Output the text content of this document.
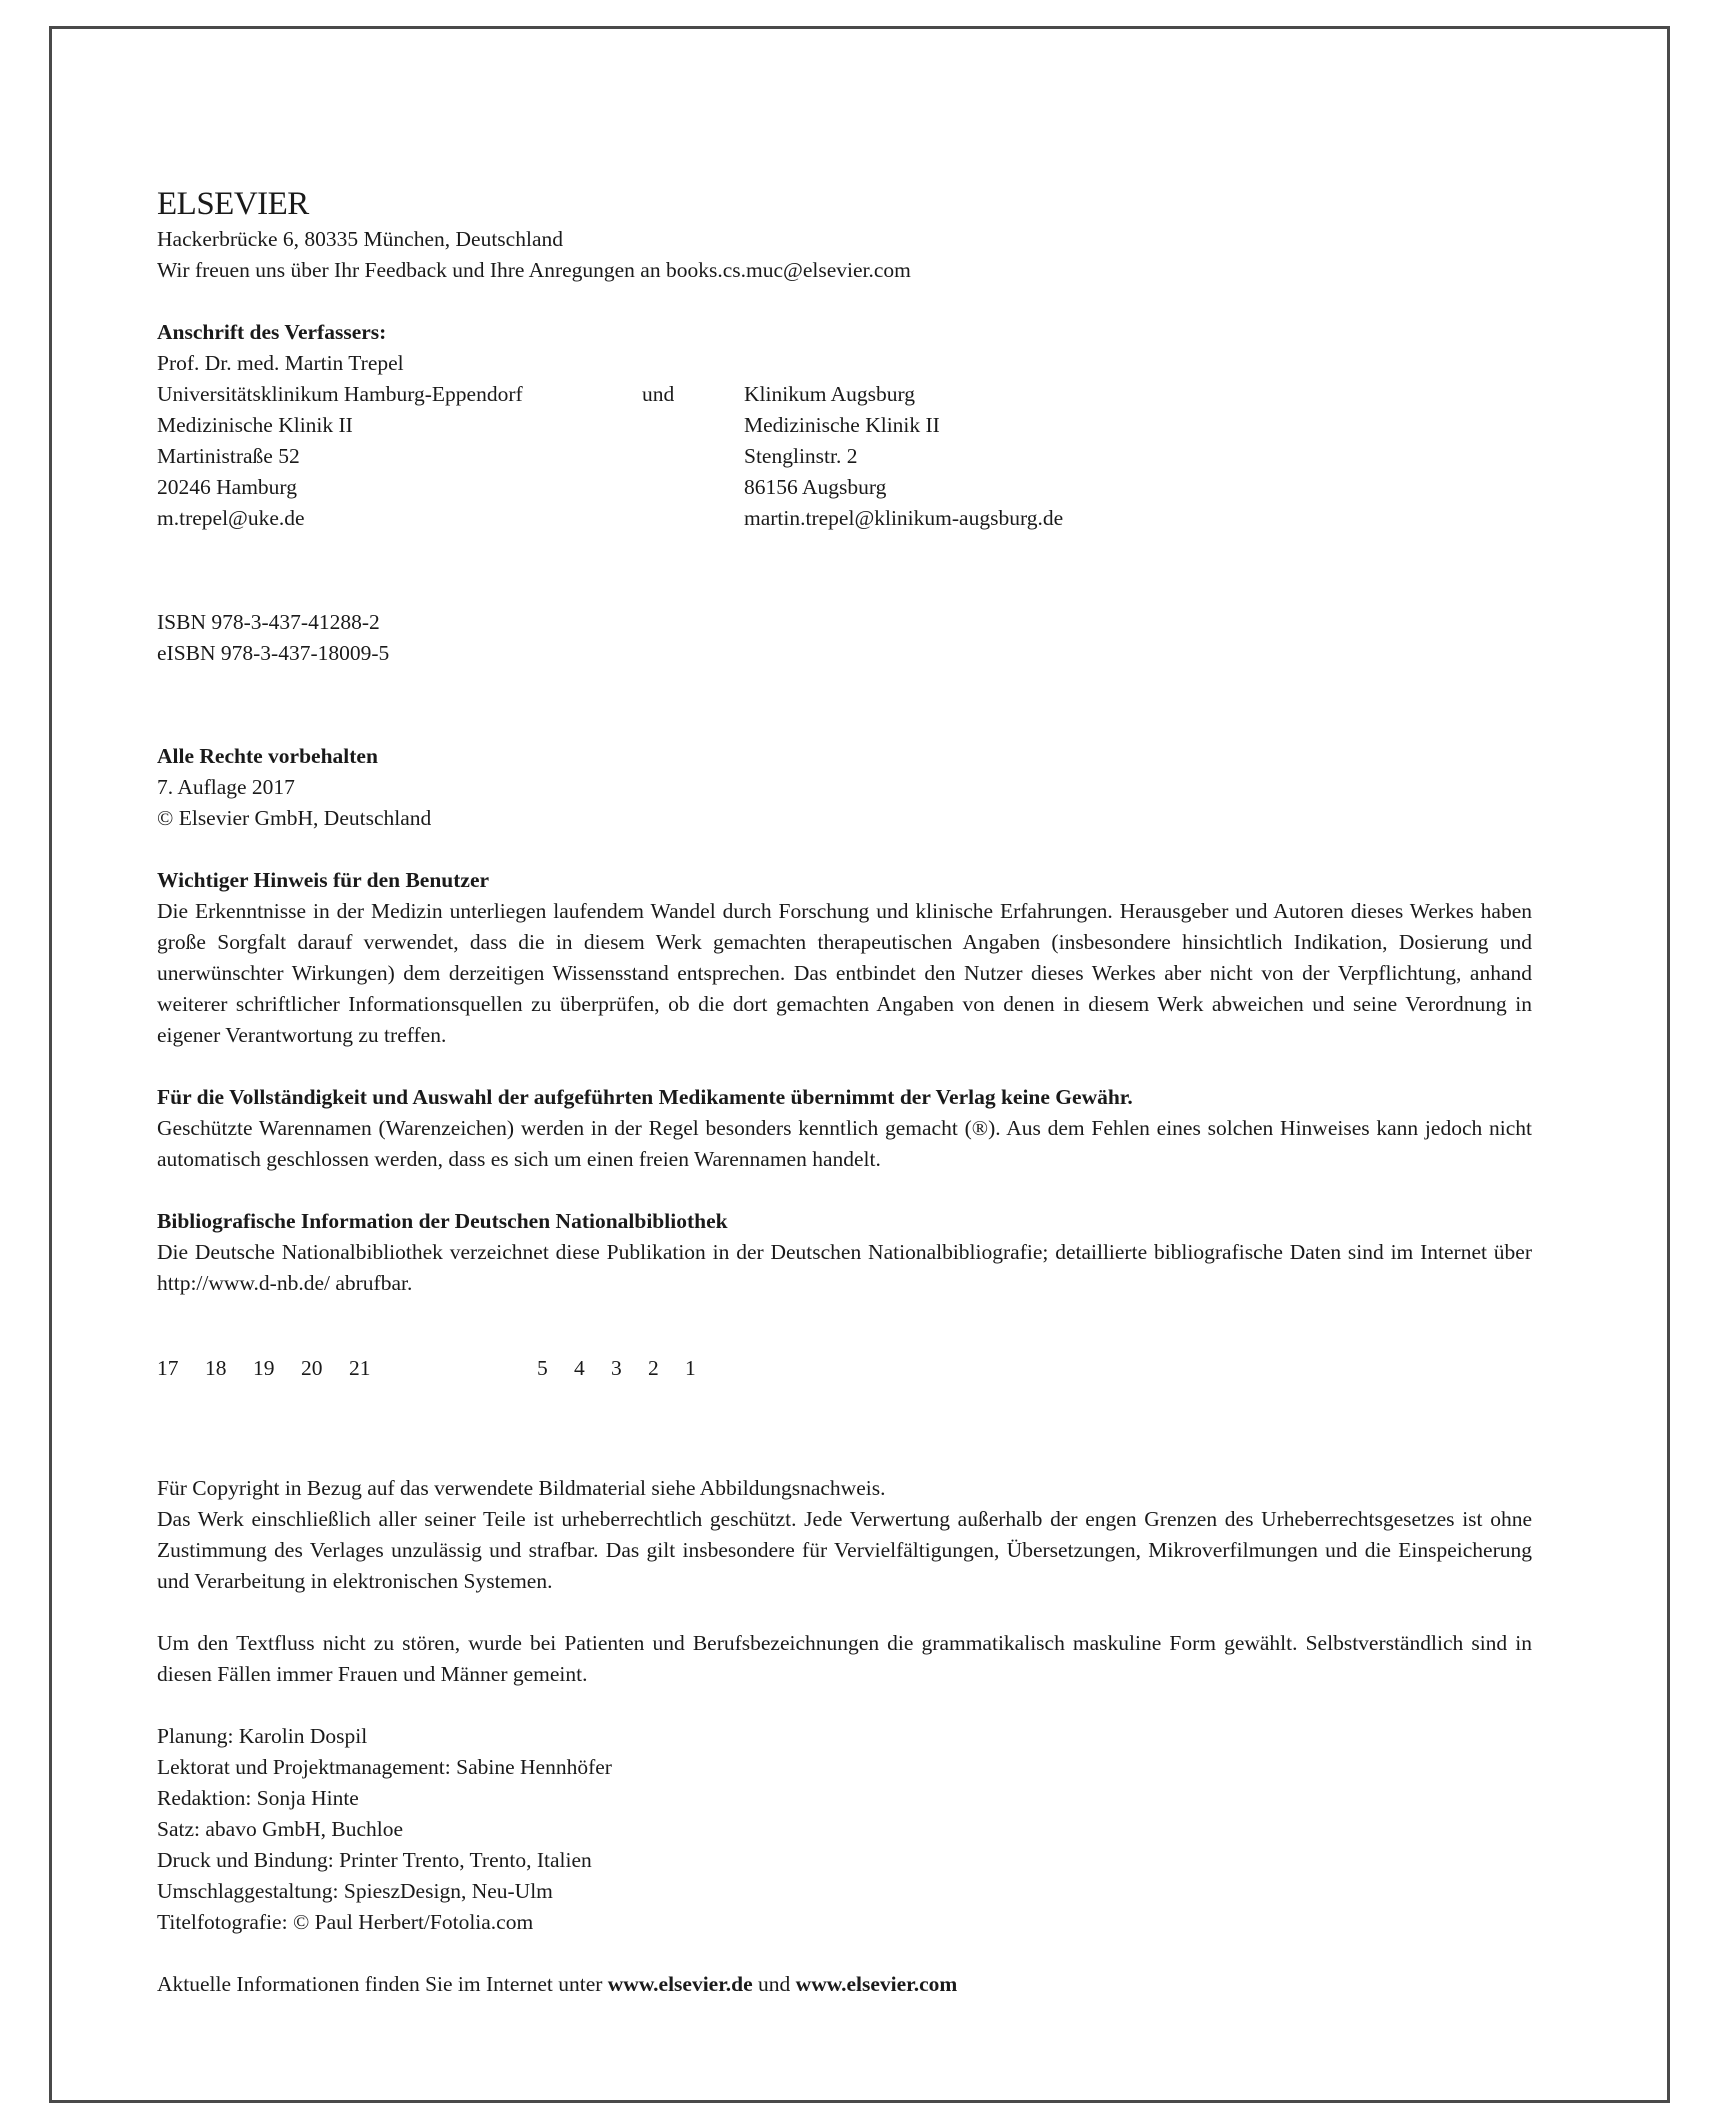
ELSEVIER
Hackerbrücke 6, 80335 München, Deutschland
Wir freuen uns über Ihr Feedback und Ihre Anregungen an books.cs.muc@elsevier.com
Anschrift des Verfassers:
Prof. Dr. med. Martin Trepel
Universitätsklinikum Hamburg-Eppendorf	und	Klinikum Augsburg
Medizinische Klinik II	Medizinische Klinik II
Martinistraße 52	Stenglinstr. 2
20246 Hamburg	86156 Augsburg
m.trepel@uke.de	martin.trepel@klinikum-augsburg.de
ISBN 978-3-437-41288-2
eISBN 978-3-437-18009-5
Alle Rechte vorbehalten
7. Auflage 2017
© Elsevier GmbH, Deutschland
Wichtiger Hinweis für den Benutzer

Die Erkenntnisse in der Medizin unterliegen laufendem Wandel durch Forschung und klinische Erfahrungen. Herausgeber und Autoren dieses Werkes haben große Sorgfalt darauf verwendet, dass die in diesem Werk gemachten therapeutischen Angaben (insbesondere hinsichtlich Indikation, Dosierung und unerwünschter Wirkungen) dem derzeitigen Wissensstand entsprechen. Das entbindet den Nutzer dieses Werkes aber nicht von der Verpflichtung, anhand weiterer schriftlicher Informationsquellen zu überprüfen, ob die dort gemachten Angaben von denen in diesem Werk abweichen und seine Verordnung in eigener Verantwortung zu treffen.

Für die Vollständigkeit und Auswahl der aufgeführten Medikamente übernimmt der Verlag keine Gewähr.

Geschützte Warennamen (Warenzeichen) werden in der Regel besonders kenntlich gemacht (®). Aus dem Fehlen eines solchen Hinweises kann jedoch nicht automatisch geschlossen werden, dass es sich um einen freien Warennamen handelt.

Bibliografische Information der Deutschen Nationalbibliothek

Die Deutsche Nationalbibliothek verzeichnet diese Publikation in der Deutschen Nationalbibliografie; detaillierte bibliografische Daten sind im Internet über http://www.d-nb.de/ abrufbar.

17 18 19 20 21	5 4 3 2 1
Für Copyright in Bezug auf das verwendete Bildmaterial siehe Abbildungsnachweis.

Das Werk einschließlich aller seiner Teile ist urheberrechtlich geschützt. Jede Verwertung außerhalb der engen Grenzen des Urheberrechtsgesetzes ist ohne Zustimmung des Verlages unzulässig und strafbar. Das gilt insbesondere für Vervielfältigungen, Übersetzungen, Mikroverfilmungen und die Einspeicherung und Verarbeitung in elektronischen Systemen.

Um den Textfluss nicht zu stören, wurde bei Patienten und Berufsbezeichnungen die grammatikalisch maskuline Form gewählt. Selbstverständlich sind in diesen Fällen immer Frauen und Männer gemeint.

Planung: Karolin Dospil
Lektorat und Projektmanagement: Sabine Hennhöfer
Redaktion: Sonja Hinte
Satz: abavo GmbH, Buchloe
Druck und Bindung: Printer Trento, Trento, Italien
Umschlaggestaltung: SpieszDesign, Neu-Ulm
Titelfotografie: © Paul Herbert/Fotolia.com
Aktuelle Informationen finden Sie im Internet unter www.elsevier.de und www.elsevier.com
